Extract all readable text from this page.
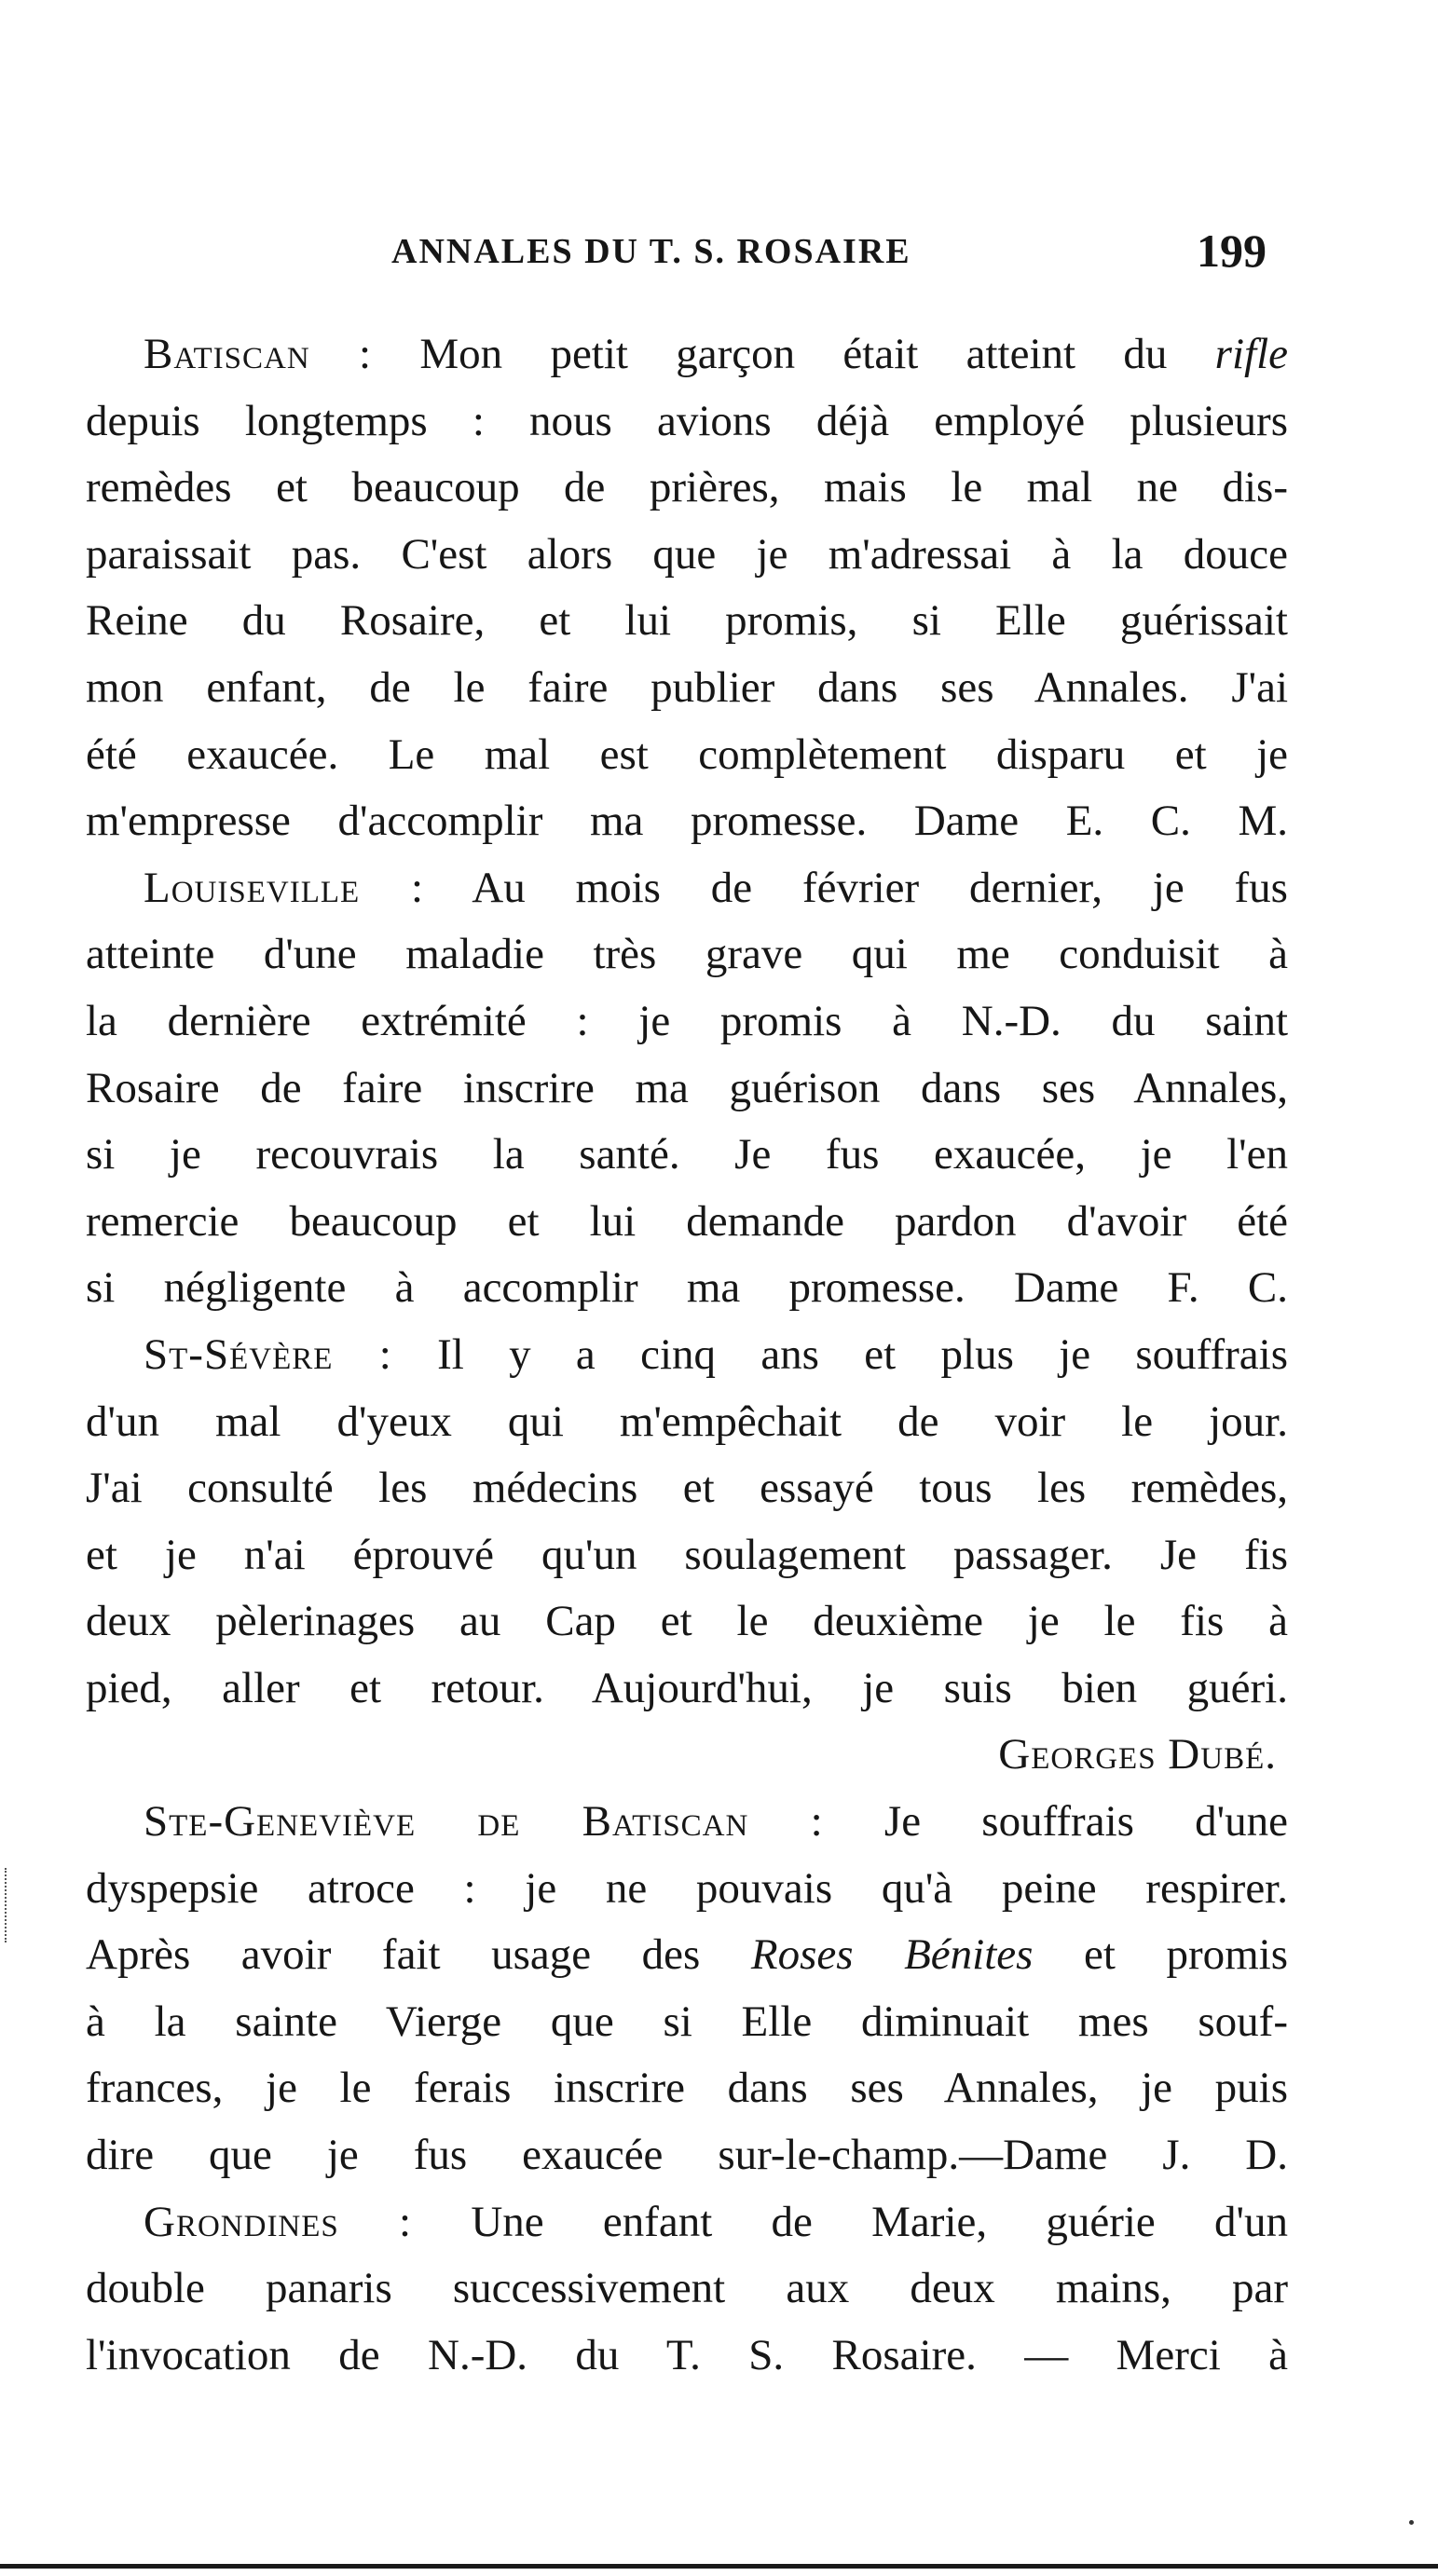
ANNALES DU T. S. ROSAIRE	199
Batiscan : Mon petit garçon était atteint du rifle
depuis longtemps : nous avions déjà employé plusieurs
remèdes et beaucoup de prières, mais le mal ne dis-
paraissait pas. C'est alors que je m'adressai à la douce
Reine du Rosaire, et lui promis, si Elle guérissait
mon enfant, de le faire publier dans ses Annales. J'ai
été exaucée. Le mal est complètement disparu et je
m'empresse d'accomplir ma promesse. Dame E. C. M.
Louiseville : Au mois de février dernier, je fus
atteinte d'une maladie très grave qui me conduisit à
la dernière extrémité : je promis à N.-D. du saint
Rosaire de faire inscrire ma guérison dans ses Annales,
si je recouvrais la santé. Je fus exaucée, je l'en
remercie beaucoup et lui demande pardon d'avoir été
si négligente à accomplir ma promesse. Dame F. C.
St-Sévère : Il y a cinq ans et plus je souffrais
d'un mal d'yeux qui m'empêchait de voir le jour.
J'ai consulté les médecins et essayé tous les remèdes,
et je n'ai éprouvé qu'un soulagement passager. Je fis
deux pèlerinages au Cap et le deuxième je le fis à
pied, aller et retour. Aujourd'hui, je suis bien guéri.
Georges Dubé.
Ste-Geneviève de Batiscan : Je souffrais d'une
dyspepsie atroce : je ne pouvais qu'à peine respirer.
Après avoir fait usage des Roses Bénites et promis
à la sainte Vierge que si Elle diminuait mes souf-
frances, je le ferais inscrire dans ses Annales, je puis
dire que je fus exaucée sur-le-champ.—Dame J. D.
Grondines : Une enfant de Marie, guérie d'un
double panaris successivement aux deux mains, par
l'invocation de N.-D. du T. S. Rosaire. — Merci à
